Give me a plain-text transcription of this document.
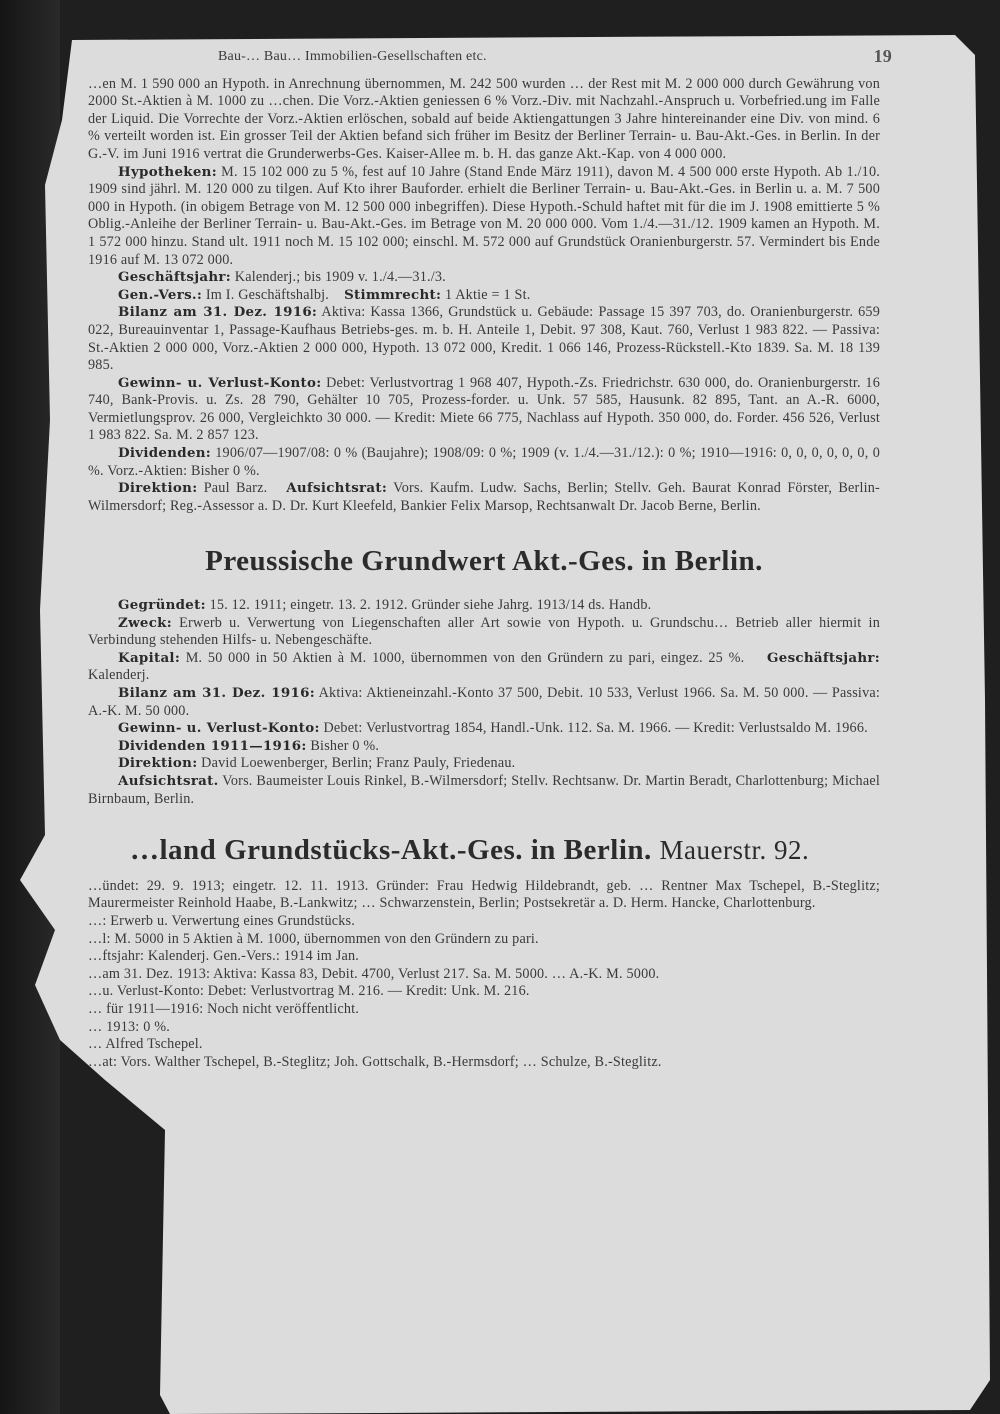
Bau-… Bau… Immobilien-Gesellschaften etc.	19

…en M. 1 590 000 an Hypoth. in Anrechnung übernommen, M. 242 500 wurden … der Rest mit M. 2 000 000 durch Gewährung von 2000 St.-Aktien à M. 1000 zu …chen. Die Vorz.-Aktien geniessen 6 % Vorz.-Div. mit Nachzahl.-Anspruch u. Vorbefried.ung im Falle der Liquid. Die Vorrechte der Vorz.-Aktien erlöschen, sobald auf beide Aktiengattungen 3 Jahre hintereinander eine Div. von mind. 6 % verteilt worden ist. Ein grosser Teil der Aktien befand sich früher im Besitz der Berliner Terrain- u. Bau-Akt.-Ges. in Berlin. In der G.-V. im Juni 1916 vertrat die Grunderwerbs-Ges. Kaiser-Allee m. b. H. das ganze Akt.-Kap. von 4 000 000.

Hypotheken: M. 15 102 000 zu 5 %, fest auf 10 Jahre (Stand Ende März 1911), davon M. 4 500 000 erste Hypoth. Ab 1./10. 1909 sind jährl. M. 120 000 zu tilgen. Auf Kto ihrer Bauforder. erhielt die Berliner Terrain- u. Bau-Akt.-Ges. in Berlin u. a. M. 7 500 000 in Hypoth. (in obigem Betrage von M. 12 500 000 inbegriffen). Diese Hypoth.-Schuld haftet mit für die im J. 1908 emittierte 5 % Oblig.-Anleihe der Berliner Terrain- u. Bau-Akt.-Ges. im Betrage von M. 20 000 000. Vom 1./4.—31./12. 1909 kamen an Hypoth. M. 1 572 000 hinzu. Stand ult. 1911 noch M. 15 102 000; einschl. M. 572 000 auf Grundstück Oranienburgerstr. 57. Vermindert bis Ende 1916 auf M. 13 072 000.

Geschäftsjahr: Kalenderj.; bis 1909 v. 1./4.—31./3.

Gen.-Vers.: Im I. Geschäftshalbj. Stimmrecht: 1 Aktie = 1 St.

Bilanz am 31. Dez. 1916: Aktiva: Kassa 1366, Grundstück u. Gebäude: Passage 15 397 703, do. Oranienburgerstr. 659 022, Bureauinventar 1, Passage-Kaufhaus Betriebs-ges. m. b. H. Anteile 1, Debit. 97 308, Kaut. 760, Verlust 1 983 822. — Passiva: St.-Aktien 2 000 000, Vorz.-Aktien 2 000 000, Hypoth. 13 072 000, Kredit. 1 066 146, Prozess-Rückstell.-Kto 1839. Sa. M. 18 139 985.

Gewinn- u. Verlust-Konto: Debet: Verlustvortrag 1 968 407, Hypoth.-Zs. Friedrichstr. 630 000, do. Oranienburgerstr. 16 740, Bank-Provis. u. Zs. 28 790, Gehälter 10 705, Prozess-forder. u. Unk. 57 585, Hausunk. 82 895, Tant. an A.-R. 6000, Vermietlungsprov. 26 000, Vergleichkto 30 000. — Kredit: Miete 66 775, Nachlass auf Hypoth. 350 000, do. Forder. 456 526, Verlust 1 983 822. Sa. M. 2 857 123.

Dividenden: 1906/07—1907/08: 0 % (Baujahre); 1908/09: 0 %; 1909 (v. 1./4.—31./12.): 0 %; 1910—1916: 0, 0, 0, 0, 0, 0, 0 %. Vorz.-Aktien: Bisher 0 %.

Direktion: Paul Barz. Aufsichtsrat: Vors. Kaufm. Ludw. Sachs, Berlin; Stellv. Geh. Baurat Konrad Förster, Berlin-Wilmersdorf; Reg.-Assessor a. D. Dr. Kurt Kleefeld, Bankier Felix Marsop, Rechtsanwalt Dr. Jacob Berne, Berlin.

Preussische Grundwert Akt.-Ges. in Berlin.

Gegründet: 15. 12. 1911; eingetr. 13. 2. 1912. Gründer siehe Jahrg. 1913/14 ds. Handb.

Zweck: Erwerb u. Verwertung von Liegenschaften aller Art sowie von Hypoth. u. Grundschu… Betrieb aller hiermit in Verbindung stehenden Hilfs- u. Nebengeschäfte.

Kapital: M. 50 000 in 50 Aktien à M. 1000, übernommen von den Gründern zu pari, eingez. 25 %. Geschäftsjahr: Kalenderj.

Bilanz am 31. Dez. 1916: Aktiva: Aktieneinzahl.-Konto 37 500, Debit. 10 533, Verlust 1966. Sa. M. 50 000. — Passiva: A.-K. M. 50 000.

Gewinn- u. Verlust-Konto: Debet: Verlustvortrag 1854, Handl.-Unk. 112. Sa. M. 1966. — Kredit: Verlustsaldo M. 1966.

Dividenden 1911—1916: Bisher 0 %.

Direktion: David Loewenberger, Berlin; Franz Pauly, Friedenau.

Aufsichtsrat. Vors. Baumeister Louis Rinkel, B.-Wilmersdorf; Stellv. Rechtsanw. Dr. Martin Beradt, Charlottenburg; Michael Birnbaum, Berlin.

…land Grundstücks-Akt.-Ges. in Berlin. Mauerstr. 92.

…ündet: 29. 9. 1913; eingetr. 12. 11. 1913. Gründer: Frau Hedwig Hildebrandt, geb. … Rentner Max Tschepel, B.-Steglitz; Maurermeister Reinhold Haabe, B.-Lankwitz; … Schwarzenstein, Berlin; Postsekretär a. D. Herm. Hancke, Charlottenburg.

…: Erwerb u. Verwertung eines Grundstücks.

…l: M. 5000 in 5 Aktien à M. 1000, übernommen von den Gründern zu pari.

…ftsjahr: Kalenderj. Gen.-Vers.: 1914 im Jan.

…am 31. Dez. 1913: Aktiva: Kassa 83, Debit. 4700, Verlust 217. Sa. M. 5000. … A.-K. M. 5000.

…u. Verlust-Konto: Debet: Verlustvortrag M. 216. — Kredit: Unk. M. 216.

… für 1911—1916: Noch nicht veröffentlicht.

… 1913: 0 %.

… Alfred Tschepel.

…at: Vors. Walther Tschepel, B.-Steglitz; Joh. Gottschalk, B.-Hermsdorf; … Schulze, B.-Steglitz.
